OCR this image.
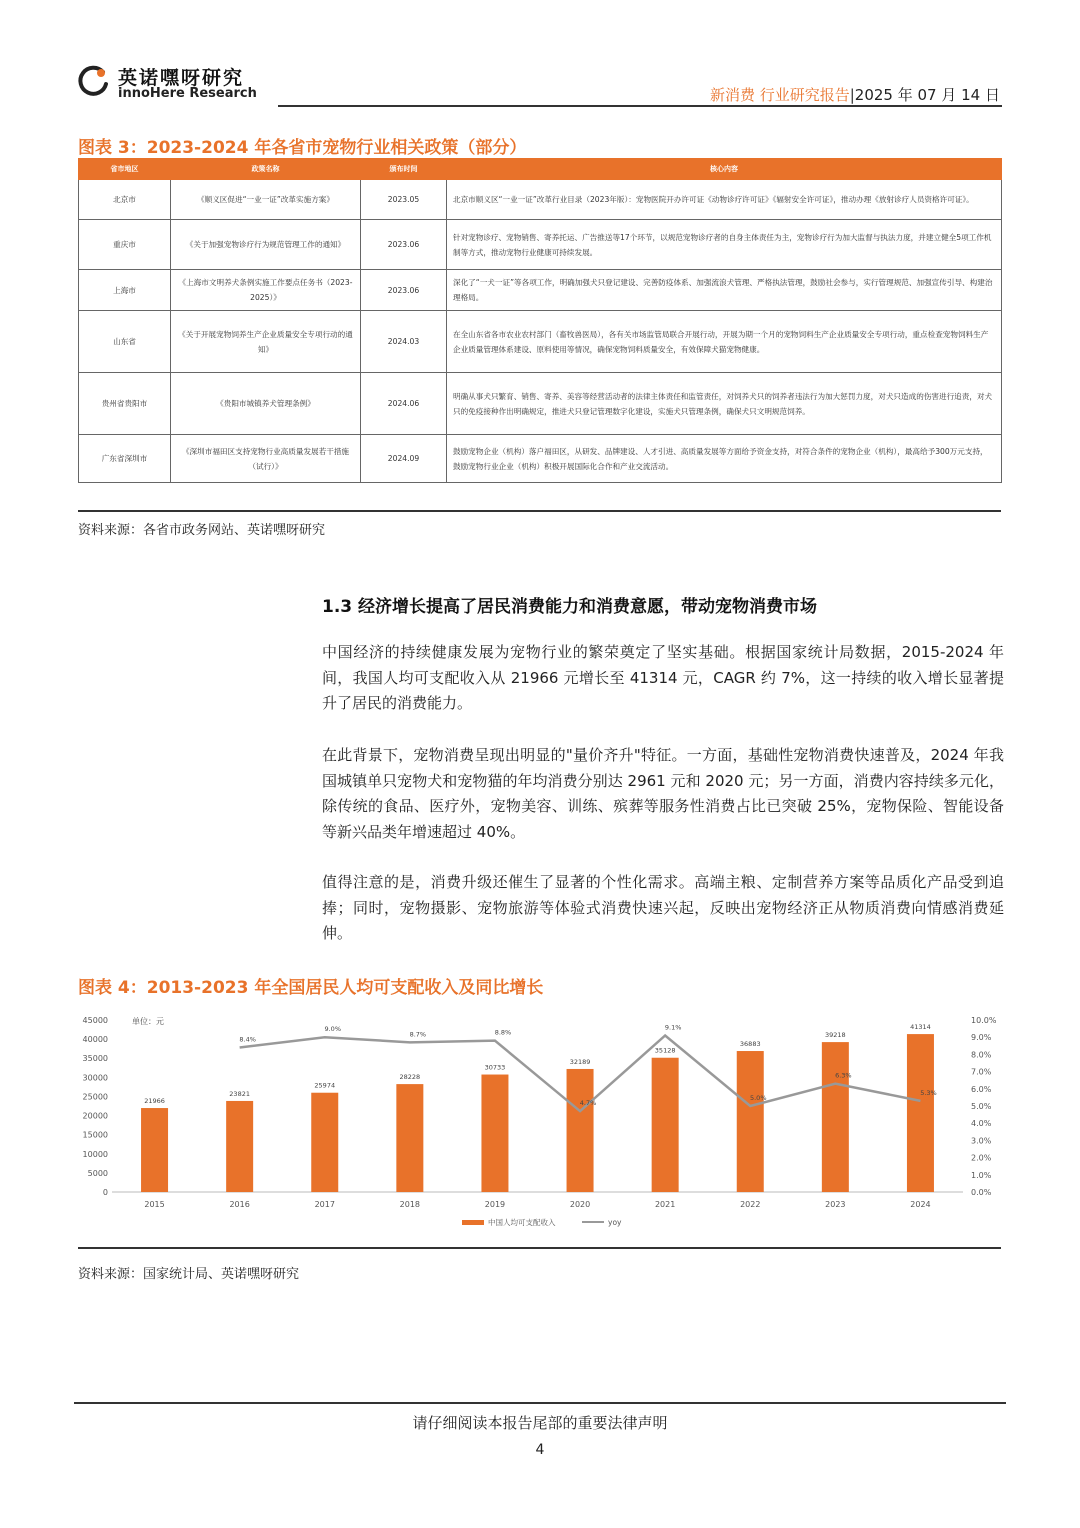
英诺嘿呀研究
innoHere Research	新消费 行业研究报告|2025 年 07 月 14 日
图表 3：2023-2024 年各省市宠物行业相关政策（部分）
省市地区	政策名称	颁布时间	核心内容
北京市	《顺义区促进“一业一证”改革实施方案》	2023.05	北京市顺义区“一业一证”改革行业目录（2023年版）：宠物医院开办许可证《动物诊疗许可证》《辐射安全许可证》，推动办理《放射诊疗人员资格许可证》。
重庆市	《关于加强宠物诊疗行为规范管理工作的通知》	2023.06	针对宠物诊疗、宠物销售、寄养托运、广告推送等17个环节，以规范宠物诊疗者的自身主体责任为主，宠物诊疗行为加大监督与执法力度，并建立健全5项工作机制等方式，推动宠物行业健康可持续发展。
上海市	《上海市文明养犬条例实施工作要点任务书（2023-2025）》	2023.06	深化了“一犬一证”等各项工作，明确加强犬只登记建设、完善防疫体系、加强流浪犬管理、严格执法管理，鼓励社会参与，实行管理规范、加强宣传引导、构建治理格局。
山东省	《关于开展宠物饲养生产企业质量安全专项行动的通知》	2024.03	在全山东省各市农业农村部门（畜牧兽医局），各有关市场监管局联合开展行动，开展为期一个月的宠物饲料生产企业质量安全专项行动，重点检查宠物饲料生产企业质量管理体系建设、原料使用等情况，确保宠物饲料质量安全，有效保障犬猫宠物健康。
贵州省贵阳市	《贵阳市城镇养犬管理条例》	2024.06	明确从事犬只繁育、销售、寄养、美容等经营活动者的法律主体责任和监管责任，对饲养犬只的饲养者违法行为加大惩罚力度，对犬只造成的伤害进行追责，对犬只的免疫接种作出明确规定，推进犬只登记管理数字化建设，实施犬只管理条例，确保犬只文明规范饲养。
广东省深圳市	《深圳市福田区支持宠物行业高质量发展若干措施（试行）》	2024.09	鼓励宠物企业（机构）落户福田区，从研发、品牌建设、人才引进、高质量发展等方面给予资金支持，对符合条件的宠物企业（机构），最高给予300万元支持，鼓励宠物行业企业（机构）积极开展国际化合作和产业交流活动。
资料来源：各省市政务网站、英诺嘿呀研究
1.3 经济增长提高了居民消费能力和消费意愿，带动宠物消费市场
中国经济的持续健康发展为宠物行业的繁荣奠定了坚实基础。根据国家统计局数据，2015-2024 年间，我国人均可支配收入从 21966 元增长至 41314 元，CAGR 约 7%，这一持续的收入增长显著提升了居民的消费能力。
在此背景下，宠物消费呈现出明显的"量价齐升"特征。一方面，基础性宠物消费快速普及，2024 年我国城镇单只宠物犬和宠物猫的年均消费分别达 2961 元和 2020 元；另一方面，消费内容持续多元化，除传统的食品、医疗外，宠物美容、训练、殡葬等服务性消费占比已突破 25%，宠物保险、智能设备等新兴品类年增速超过 40%。
值得注意的是，消费升级还催生了显著的个性化需求。高端主粮、定制营养方案等品质化产品受到追捧；同时，宠物摄影、宠物旅游等体验式消费快速兴起，反映出宠物经济正从物质消费向情感消费延伸。
图表 4：2013-2023 年全国居民人均可支配收入及同比增长
0
5000
10000
15000
20000
25000
30000
35000
40000
45000
0.0%
1.0%
2.0%
3.0%
4.0%
5.0%
6.0%
7.0%
8.0%
9.0%
10.0%
单位：元
21966
2015
23821
2016
25974
2017
28228
2018
30733
2019
32189
2020
35128
2021
36883
2022
39218
2023
41314
2024
8.4%
9.0%
8.7%	8.8%
4.7%
9.1%
5.0%
6.3%
5.3%
中国人均可支配收入	yoy
资料来源：国家统计局、英诺嘿呀研究
请仔细阅读本报告尾部的重要法律声明
4
